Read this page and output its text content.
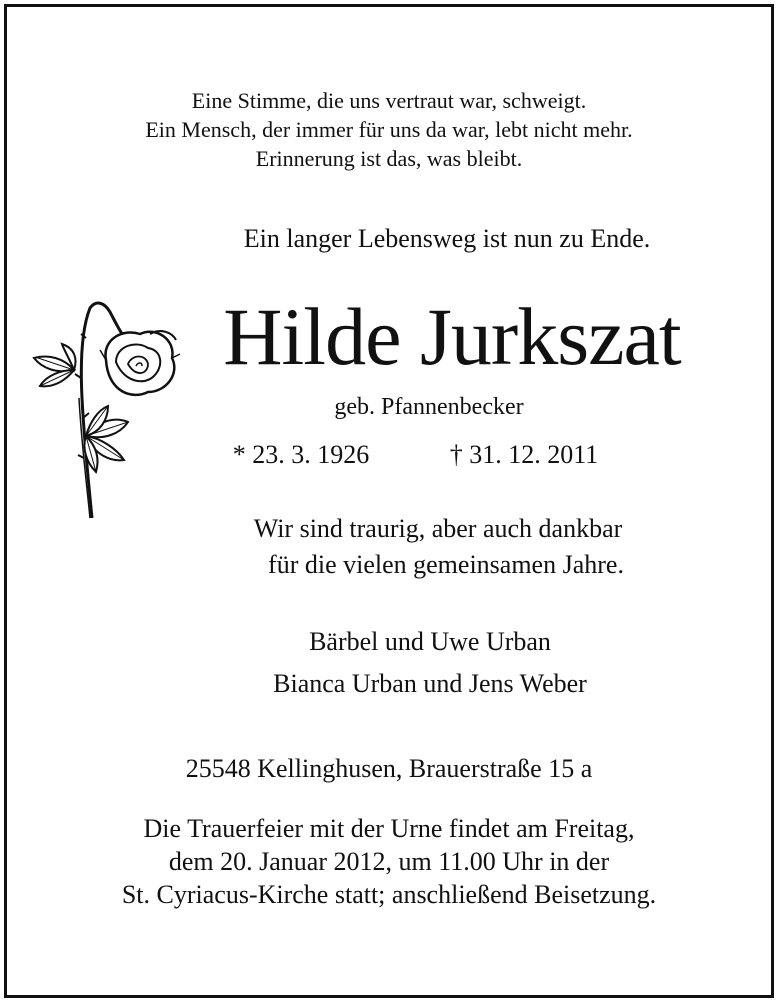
Eine Stimme, die uns vertraut war, schweigt.
Ein Mensch, der immer für uns da war, lebt nicht mehr.
Erinnerung ist das, was bleibt.
Ein langer Lebensweg ist nun zu Ende.
Hilde Jurkszat
geb. Pfannenbecker
* 23. 3. 1926	† 31. 12. 2011
Wir sind traurig, aber auch dankbar
für die vielen gemeinsamen Jahre.
Bärbel und Uwe Urban
Bianca Urban und Jens Weber
25548 Kellinghusen, Brauerstraße 15 a
Die Trauerfeier mit der Urne findet am Freitag,
dem 20. Januar 2012, um 11.00 Uhr in der
St. Cyriacus-Kirche statt; anschließend Beisetzung.
